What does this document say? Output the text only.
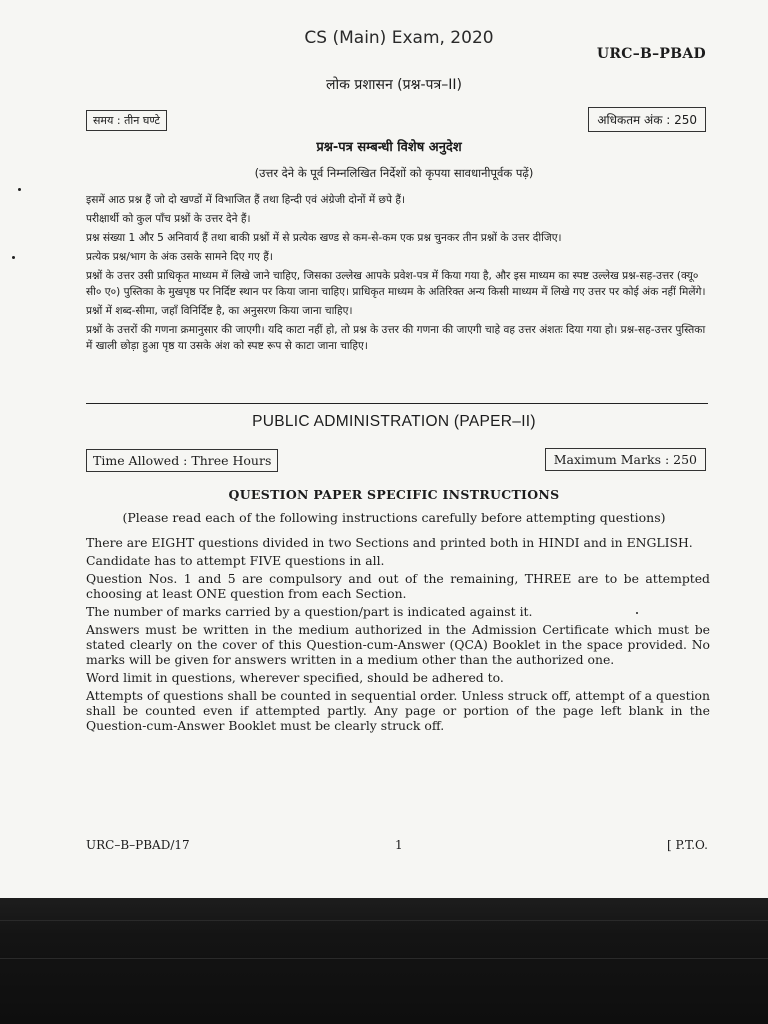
CS (Main) Exam, 2020
URC–B–PBAD
लोक प्रशासन (प्रश्न-पत्र–II)
समय : तीन घण्टे	अधिकतम अंक : 250
प्रश्न-पत्र सम्बन्धी विशेष अनुदेश
(उत्तर देने के पूर्व निम्नलिखित निर्देशों को कृपया सावधानीपूर्वक पढ़ें)

इसमें आठ प्रश्न हैं जो दो खण्डों में विभाजित हैं तथा हिन्दी एवं अंग्रेजी दोनों में छपे हैं।

परीक्षार्थी को कुल पाँच प्रश्नों के उत्तर देने हैं।

प्रश्न संख्या 1 और 5 अनिवार्य हैं तथा बाकी प्रश्नों में से प्रत्येक खण्ड से कम-से-कम एक प्रश्न चुनकर तीन प्रश्नों के उत्तर दीजिए।

प्रत्येक प्रश्न/भाग के अंक उसके सामने दिए गए हैं।

प्रश्नों के उत्तर उसी प्राधिकृत माध्यम में लिखे जाने चाहिए, जिसका उल्लेख आपके प्रवेश-पत्र में किया गया है, और इस माध्यम का स्पष्ट उल्लेख प्रश्न-सह-उत्तर (क्यू० सी० ए०) पुस्तिका के मुखपृष्ठ पर निर्दिष्ट स्थान पर किया जाना चाहिए। प्राधिकृत माध्यम के अतिरिक्त अन्य किसी माध्यम में लिखे गए उत्तर पर कोई अंक नहीं मिलेंगे।

प्रश्नों में शब्द-सीमा, जहाँ विनिर्दिष्ट है, का अनुसरण किया जाना चाहिए।

प्रश्नों के उत्तरों की गणना क्रमानुसार की जाएगी। यदि काटा नहीं हो, तो प्रश्न के उत्तर की गणना की जाएगी चाहे वह उत्तर अंशतः दिया गया हो। प्रश्न-सह-उत्तर पुस्तिका में खाली छोड़ा हुआ पृष्ठ या उसके अंश को स्पष्ट रूप से काटा जाना चाहिए।

PUBLIC ADMINISTRATION (PAPER–II)
Time Allowed : Three Hours	Maximum Marks : 250
QUESTION PAPER SPECIFIC INSTRUCTIONS
(Please read each of the following instructions carefully before attempting questions)

There are EIGHT questions divided in two Sections and printed both in HINDI and in ENGLISH.

Candidate has to attempt FIVE questions in all.

Question Nos. 1 and 5 are compulsory and out of the remaining, THREE are to be attempted choosing at least ONE question from each Section.

The number of marks carried by a question/part is indicated against it.

Answers must be written in the medium authorized in the Admission Certificate which must be stated clearly on the cover of this Question-cum-Answer (QCA) Booklet in the space provided. No marks will be given for answers written in a medium other than the authorized one.

Word limit in questions, wherever specified, should be adhered to.

Attempts of questions shall be counted in sequential order. Unless struck off, attempt of a question shall be counted even if attempted partly. Any page or portion of the page left blank in the Question-cum-Answer Booklet must be clearly struck off.

URC–B–PBAD/17	1	[ P.T.O.
